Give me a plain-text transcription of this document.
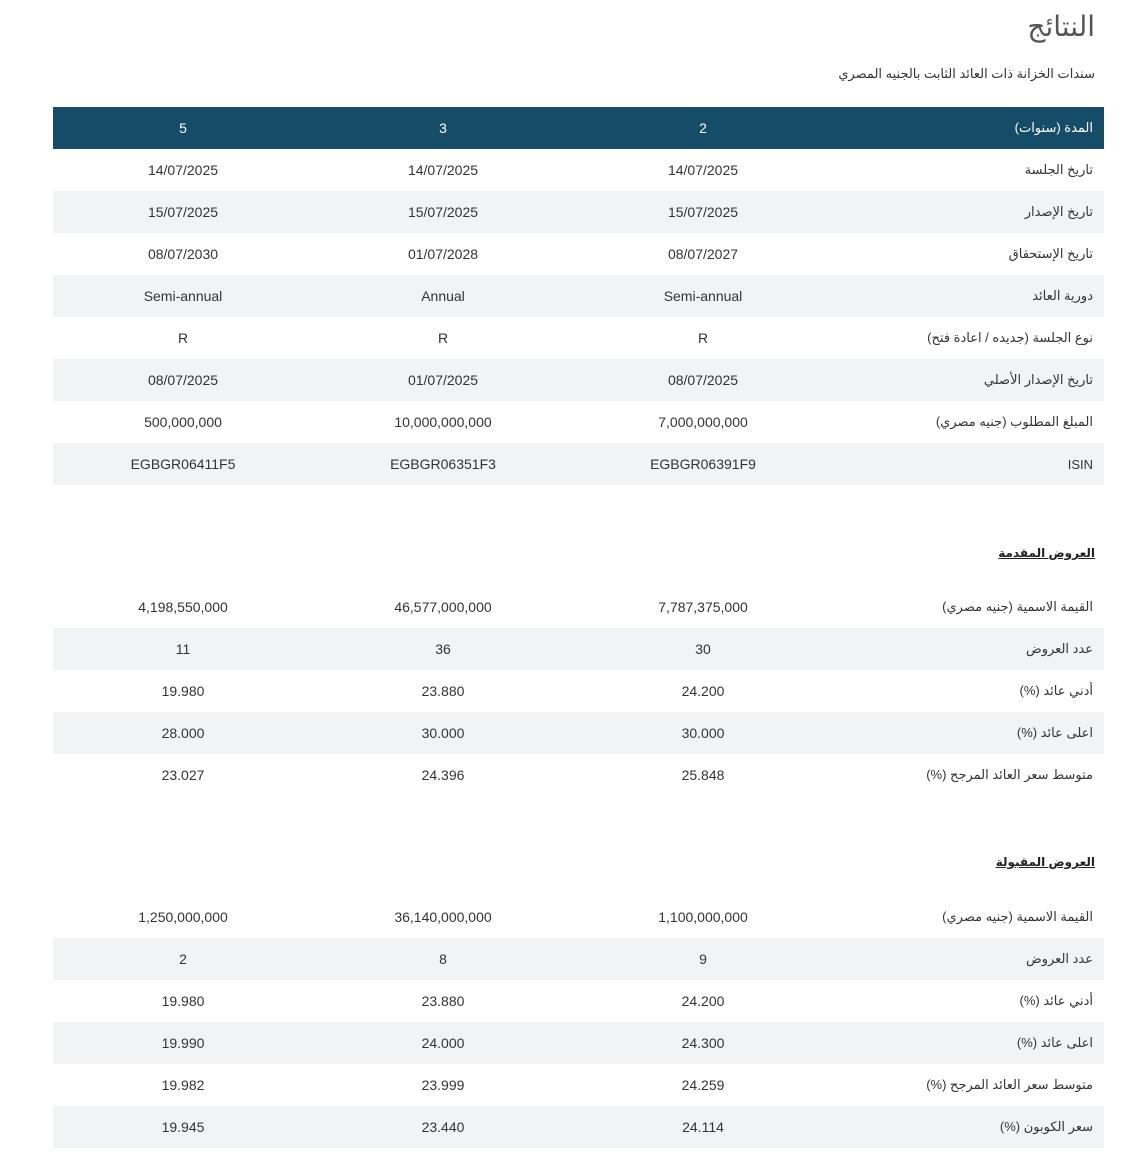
النتائج
سندات الخزانة ذات العائد الثابت بالجنيه المصري
5	3	2	المدة (سنوات)
14/07/2025	14/07/2025	14/07/2025	تاريخ الجلسة
15/07/2025	15/07/2025	15/07/2025	تاريخ الإصدار
08/07/2030	01/07/2028	08/07/2027	تاريخ الإستحقاق
Semi-annual	Annual	Semi-annual	دورية العائد
R	R	R	نوع الجلسة (جديده / اعادة فتح)
08/07/2025	01/07/2025	08/07/2025	تاريخ الإصدار الأصلي
500,000,000	10,000,000,000	7,000,000,000	المبلغ المطلوب (جنيه مصري)
EGBGR06411F5	EGBGR06351F3	EGBGR06391F9	ISIN
العروض المقدمة
4,198,550,000	46,577,000,000	7,787,375,000	القيمة الاسمية (جنيه مصري)
11	36	30	عدد العروض
19.980	23.880	24.200	أدني عائد (%)
28.000	30.000	30.000	اعلى عائد (%)
23.027	24.396	25.848	متوسط سعر العائد المرجح (%)
العروض المقبولة
1,250,000,000	36,140,000,000	1,100,000,000	القيمة الاسمية (جنيه مصري)
2	8	9	عدد العروض
19.980	23.880	24.200	أدني عائد (%)
19.990	24.000	24.300	اعلى عائد (%)
19.982	23.999	24.259	متوسط سعر العائد المرجح (%)
19.945	23.440	24.114	سعر الكوبون (%)
